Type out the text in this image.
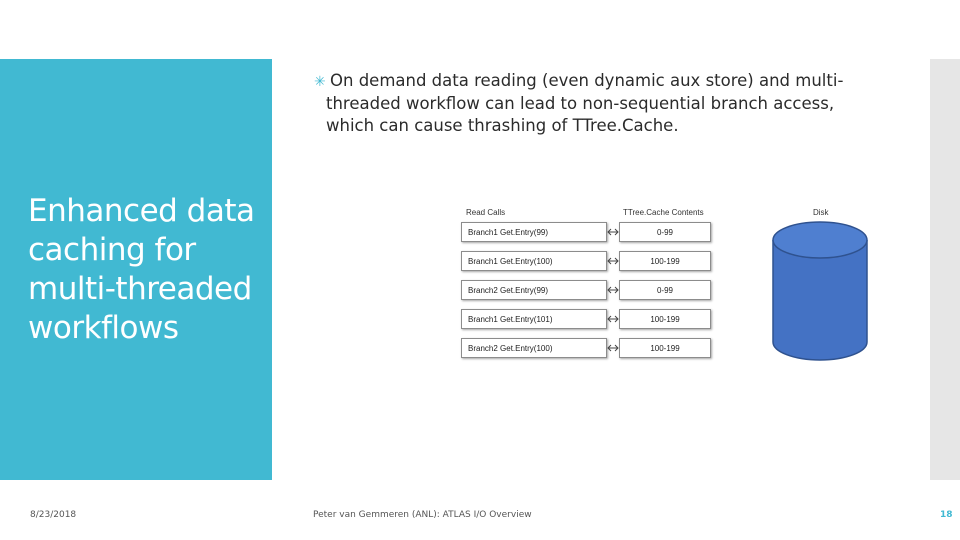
Enhanced data
caching for
multi-threaded
workflows
✳ On demand data reading (even dynamic aux store) and multi-
threaded workflow can lead to non-sequential branch access,
which can cause thrashing of TTree.Cache.
Read Calls	TTree.Cache Contents	Disk
Branch1 Get.Entry(99)	0-99
Branch1 Get.Entry(100)	100-199
Branch2 Get.Entry(99)	0-99
Branch1 Get.Entry(101)	100-199
Branch2 Get.Entry(100)	100-199
8/23/2018	Peter van Gemmeren (ANL): ATLAS I/O Overview	18
